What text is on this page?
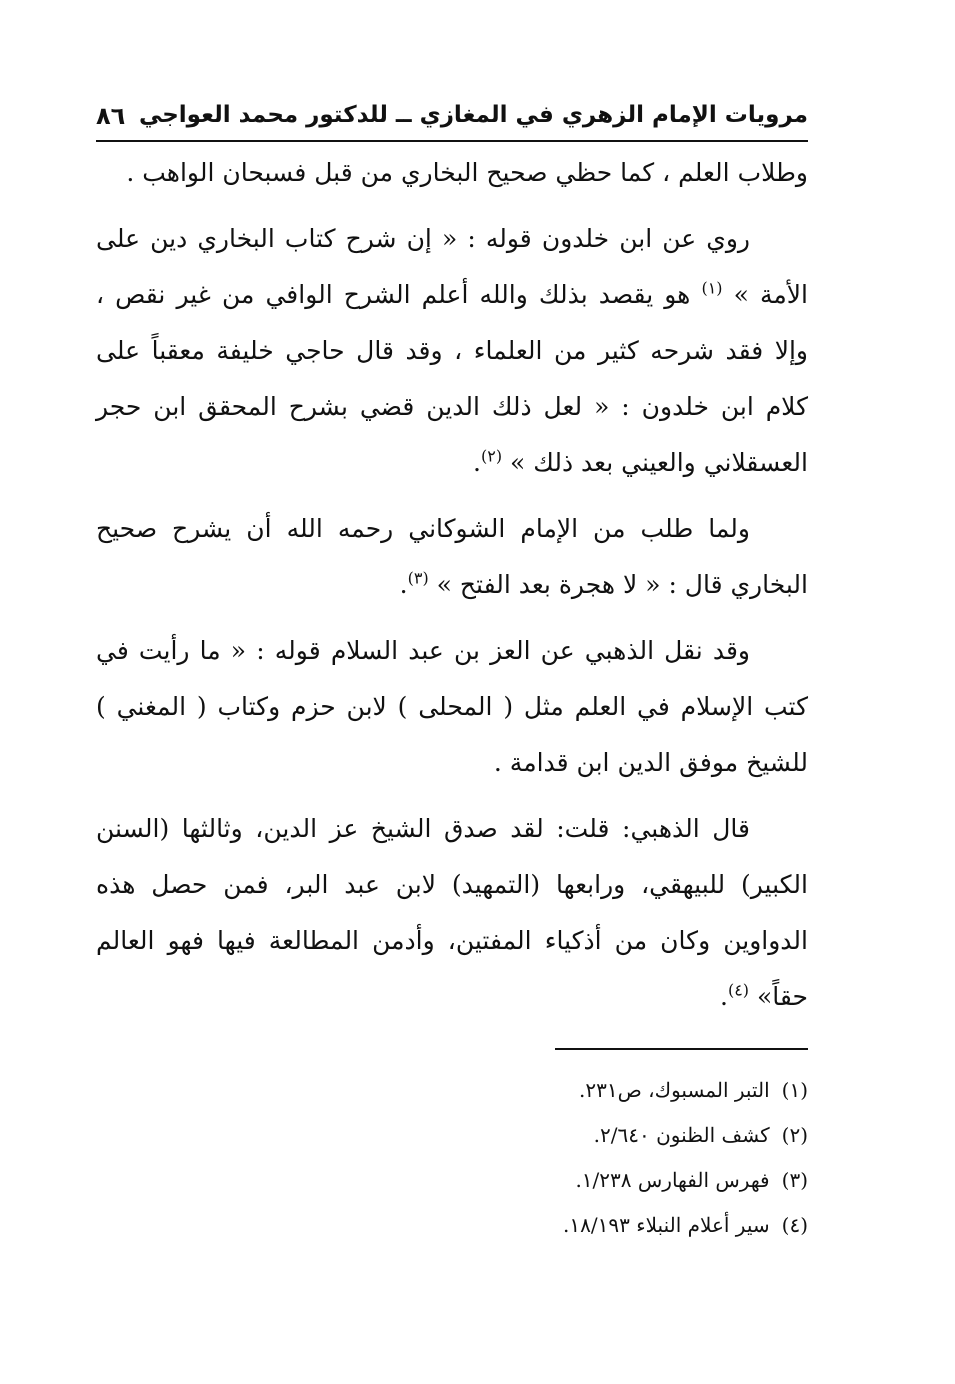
مرويات الإمام الزهري في المغازي ــ للدكتور محمد العواجي
٨٦

وطلاب العلم ، كما حظي صحيح البخاري من قبل فسبحان الواهب .

روي عن ابن خلدون قوله : « إن شرح كتاب البخاري دين على الأمة » $^{(١)}$ هو يقصد بذلك والله أعلم الشرح الوافي من غير نقص ، وإلا فقد شرحه كثير من العلماء ، وقد قال حاجي خليفة معقباً على كلام ابن خلدون : « لعل ذلك الدين قضي بشرح المحقق ابن حجر العسقلاني والعيني بعد ذلك » $^{(٢)}$.

ولما طلب من الإمام الشوكاني رحمه الله أن يشرح صحيح البخاري قال : « لا هجرة بعد الفتح » $^{(٣)}$.

وقد نقل الذهبي عن العز بن عبد السلام قوله : « ما رأيت في كتب الإسلام في العلم مثل ( المحلى ) لابن حزم وكتاب ( المغني ) للشيخ موفق الدين ابن قدامة .

قال الذهبي: قلت: لقد صدق الشيخ عز الدين، وثالثها (السنن الكبير) للبيهقي، ورابعها (التمهيد) لابن عبد البر، فمن حصل هذه الدواوين وكان من أذكياء المفتين، وأدمن المطالعة فيها فهو العالم حقاً» $^{(٤)}$.

(١)التبر المسبوك، ص٢٣١.
(٢)كشف الظنون ٢/٦٤٠.
(٣)فهرس الفهارس ١/٢٣٨.
(٤)سير أعلام النبلاء ١٨/١٩٣.
